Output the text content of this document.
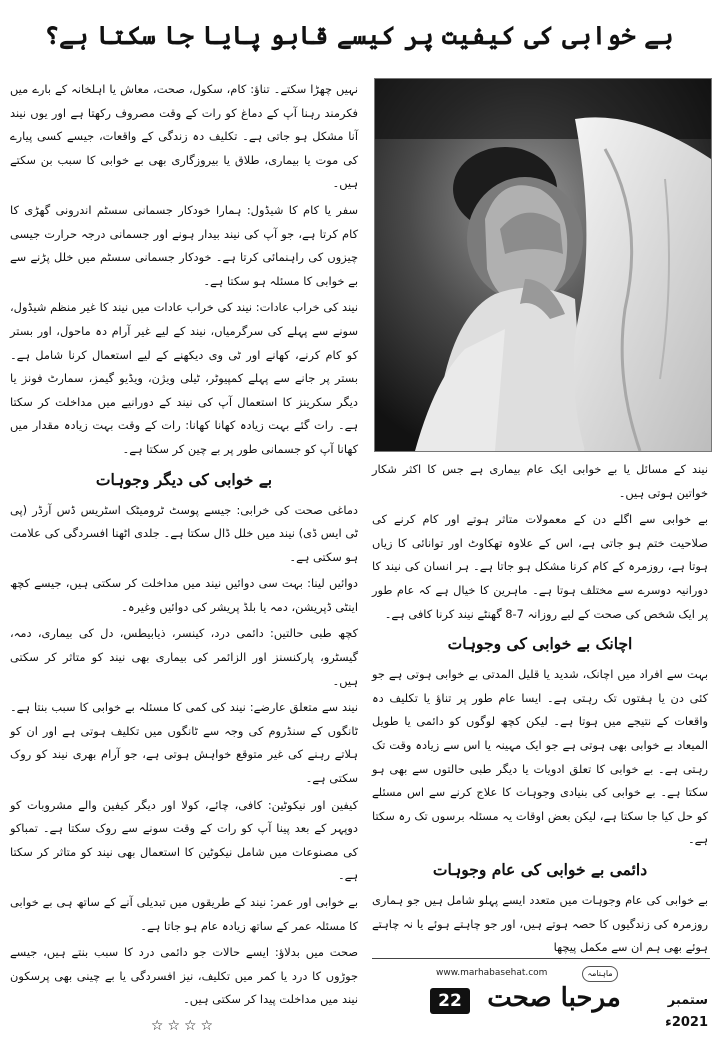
بے خوابی کی کیفیت پر کیسے قابو پایا جا سکتا ہے؟

نہیں چھڑا سکتے۔ تناؤ: کام، سکول، صحت، معاش یا اہلخانہ کے بارے میں فکرمند رہنا آپ کے دماغ کو رات کے وقت مصروف رکھتا ہے اور یوں نیند آنا مشکل ہو جاتی ہے۔ تکلیف دہ زندگی کے واقعات، جیسے کسی پیارے کی موت یا بیماری، طلاق یا بیروزگاری بھی بے خوابی کا سبب بن سکتے ہیں۔

سفر یا کام کا شیڈول: ہمارا خودکار جسمانی سسٹم اندرونی گھڑی کا کام کرتا ہے، جو آپ کی نیند بیدار ہونے اور جسمانی درجہ حرارت جیسی چیزوں کی راہنمائی کرتا ہے۔ خودکار جسمانی سسٹم میں خلل پڑنے سے بے خوابی کا مسئلہ ہو سکتا ہے۔

نیند کی خراب عادات: نیند کی خراب عادات میں نیند کا غیر منظم شیڈول، سونے سے پہلے کی سرگرمیاں، نیند کے لیے غیر آرام دہ ماحول، اور بستر کو کام کرنے، کھانے اور ٹی وی دیکھنے کے لیے استعمال کرنا شامل ہے۔ بستر پر جانے سے پہلے کمپیوٹر، ٹیلی ویژن، ویڈیو گیمز، سمارٹ فونز یا دیگر سکرینز کا استعمال آپ کی نیند کے دورانیے میں مداخلت کر سکتا ہے۔ رات گئے بہت زیادہ کھانا کھانا: رات کے وقت بہت زیادہ مقدار میں کھانا آپ کو جسمانی طور پر بے چین کر سکتا ہے۔

بے خوابی کی دیگر وجوہات

دماغی صحت کی خرابی: جیسے پوسٹ ٹرومیٹک اسٹریس ڈس آرڈر (پی ٹی ایس ڈی) نیند میں خلل ڈال سکتا ہے۔ جلدی اٹھنا افسردگی کی علامت ہو سکتی ہے۔

دوائیں لینا: بہت سی دوائیں نیند میں مداخلت کر سکتی ہیں، جیسے کچھ اینٹی ڈپریشن، دمہ یا بلڈ پریشر کی دوائیں وغیرہ۔

کچھ طبی حالتیں: دائمی درد، کینسر، ذیابیطس، دل کی بیماری، دمہ، گیسٹرو، پارکنسنز اور الزائمر کی بیماری بھی نیند کو متاثر کر سکتی ہیں۔

نیند سے متعلق عارضے: نیند کی کمی کا مسئلہ بے خوابی کا سبب بنتا ہے۔ ٹانگوں کے سنڈروم کی وجہ سے ٹانگوں میں تکلیف ہوتی ہے اور ان کو ہلاتے رہنے کی غیر متوقع خواہش ہوتی ہے، جو آرام بھری نیند کو روک سکتی ہے۔

کیفین اور نیکوٹین: کافی، چائے، کولا اور دیگر کیفین والے مشروبات کو دوپہر کے بعد پینا آپ کو رات کے وقت سونے سے روک سکتا ہے۔ تمباکو کی مصنوعات میں شامل نیکوٹین کا استعمال بھی نیند کو متاثر کر سکتا ہے۔

بے خوابی اور عمر: نیند کے طریقوں میں تبدیلی آنے کے ساتھ ہی بے خوابی کا مسئلہ عمر کے ساتھ زیادہ عام ہو جاتا ہے۔

صحت میں بدلاؤ: ایسے حالات جو دائمی درد کا سبب بنتے ہیں، جیسے جوڑوں کا درد یا کمر میں تکلیف، نیز افسردگی یا بے چینی بھی پرسکون نیند میں مداخلت پیدا کر سکتی ہیں۔

☆☆☆☆

نیند کے مسائل یا بے خوابی ایک عام بیماری ہے جس کا اکثر شکار خواتین ہوتی ہیں۔

بے خوابی سے اگلے دن کے معمولات متاثر ہوتے اور کام کرنے کی صلاحیت ختم ہو جاتی ہے، اس کے علاوہ تھکاوٹ اور توانائی کا زیاں ہوتا ہے، روزمرہ کے کام کرنا مشکل ہو جاتا ہے۔ ہر انسان کی نیند کا دورانیہ دوسرے سے مختلف ہوتا ہے۔ ماہرین کا خیال ہے کہ عام طور پر ایک شخص کی صحت کے لیے روزانہ 7-8 گھنٹے نیند کرنا کافی ہے۔

اچانک بے خوابی کی وجوہات

بہت سے افراد میں اچانک، شدید یا قلیل المدتی بے خوابی ہوتی ہے جو کئی دن یا ہفتوں تک رہتی ہے۔ ایسا عام طور پر تناؤ یا تکلیف دہ واقعات کے نتیجے میں ہوتا ہے۔ لیکن کچھ لوگوں کو دائمی یا طویل المیعاد بے خوابی بھی ہوتی ہے جو ایک مہینہ یا اس سے زیادہ وقت تک رہتی ہے۔ بے خوابی کا تعلق ادویات یا دیگر طبی حالتوں سے بھی ہو سکتا ہے۔ بے خوابی کی بنیادی وجوہات کا علاج کرنے سے اس مسئلے کو حل کیا جا سکتا ہے، لیکن بعض اوقات یہ مسئلہ برسوں تک رہ سکتا ہے۔

دائمی بے خوابی کی عام وجوہات

بے خوابی کی عام وجوہات میں متعدد ایسے پہلو شامل ہیں جو ہماری روزمرہ کی زندگیوں کا حصہ ہوتے ہیں، اور جو چاہتے ہوئے یا نہ چاہتے ہوئے بھی ہم ان سے مکمل پیچھا

www.marhabasehat.com	ماہنامہ
22 مرحبا صحت	ستمبر 2021ء
